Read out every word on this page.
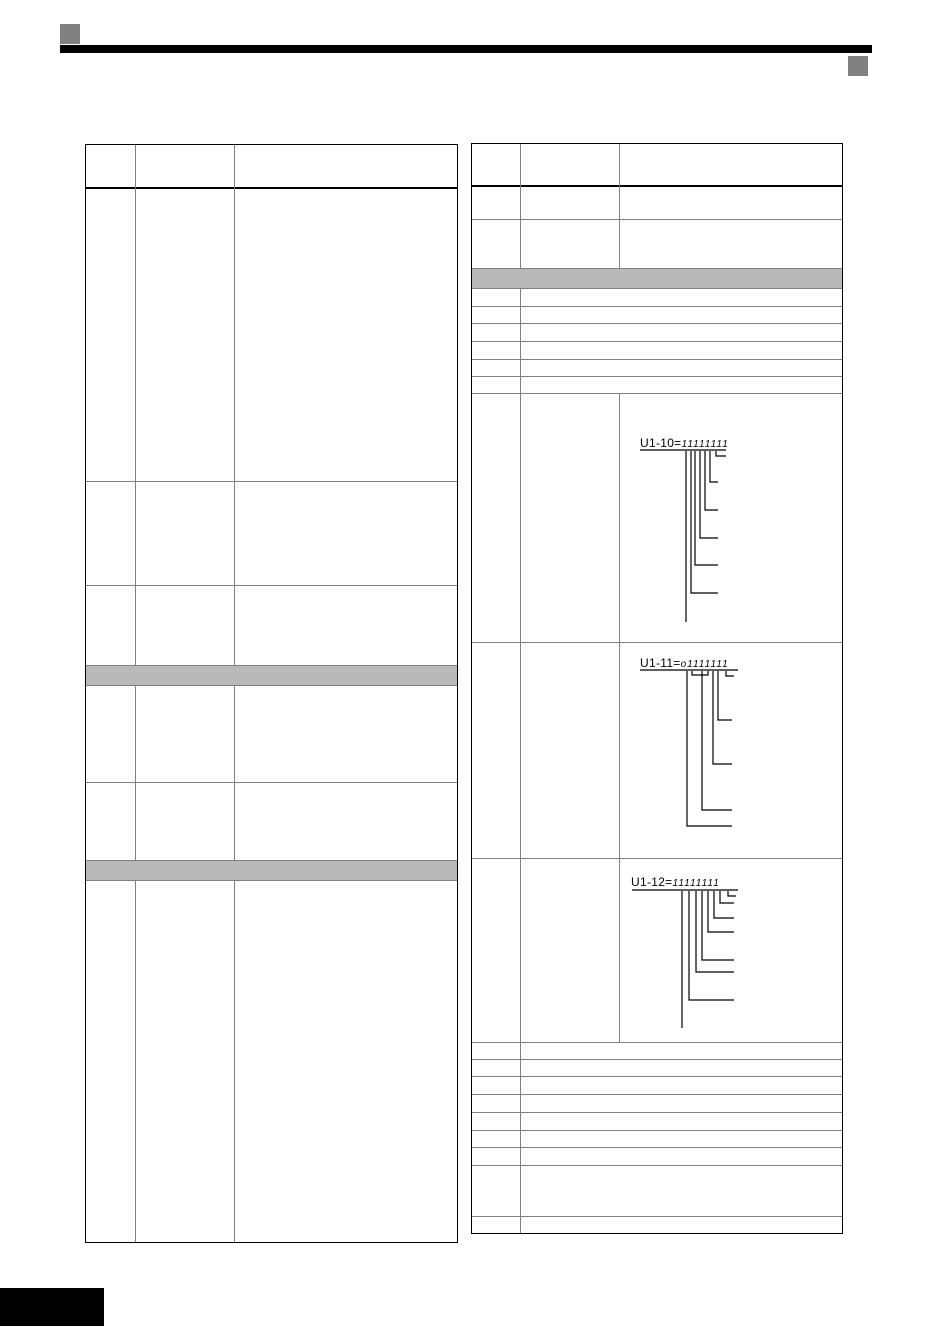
U1-10=11111111
U1-11=o1111111
U1-12=11111111
